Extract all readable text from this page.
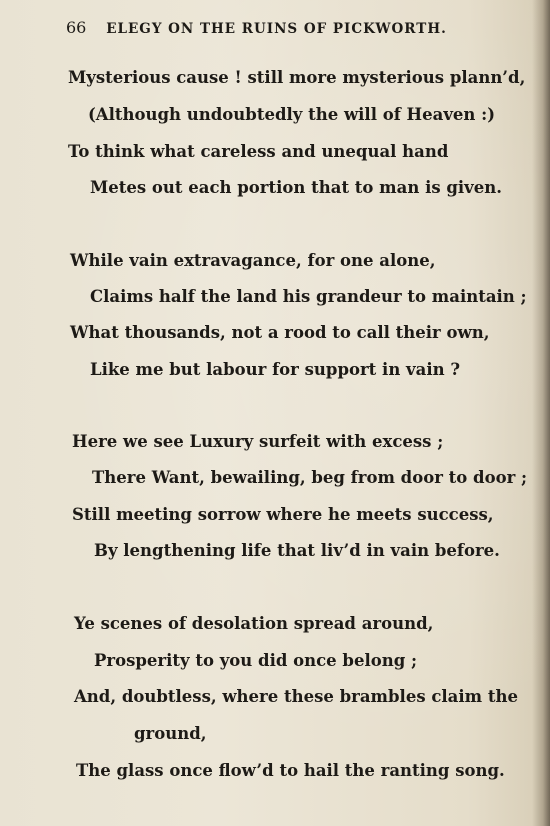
66 ELEGY ON THE RUINS OF PICKWORTH.
Mysterious cause ! still more mysterious plann’d,
(Although undoubtedly the will of Heaven :)
To think what careless and unequal hand
Metes out each portion that to man is given.
While vain extravagance, for one alone,
Claims half the land his grandeur to maintain ;
What thousands, not a rood to call their own,
Like me but labour for support in vain ?
Here we see Luxury surfeit with excess ;
There Want, bewailing, beg from door to door ;
Still meeting sorrow where he meets success,
By lengthening life that liv’d in vain before.
Ye scenes of desolation spread around,
Prosperity to you did once belong ;
And, doubtless, where these brambles claim the
ground,
The glass once flow’d to hail the ranting song.
